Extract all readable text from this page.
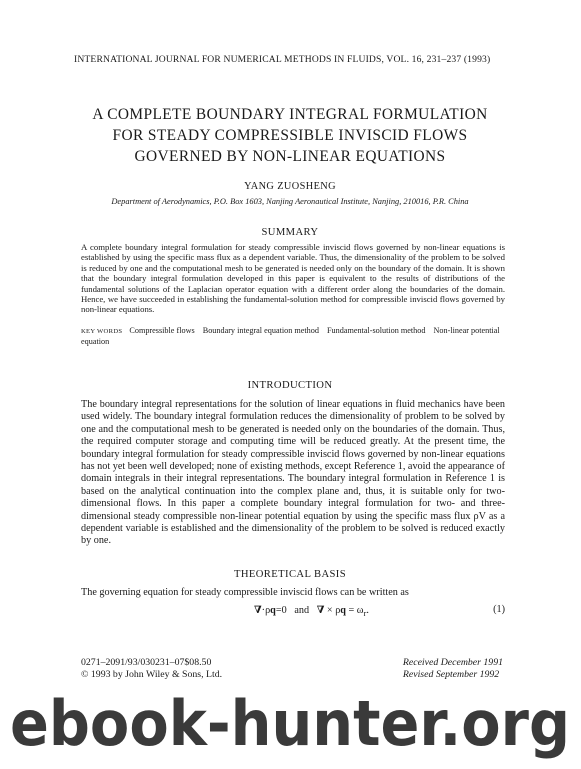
INTERNATIONAL JOURNAL FOR NUMERICAL METHODS IN FLUIDS, VOL. 16, 231–237 (1993)
A COMPLETE BOUNDARY INTEGRAL FORMULATION
FOR STEADY COMPRESSIBLE INVISCID FLOWS
GOVERNED BY NON-LINEAR EQUATIONS
YANG ZUOSHENG
Department of Aerodynamics, P.O. Box 1603, Nanjing Aeronautical Institute, Nanjing, 210016, P.R. China
SUMMARY
A complete boundary integral formulation for steady compressible inviscid flows governed by non-linear equations is established by using the specific mass flux as a dependent variable. Thus, the dimensionality of the problem to be solved is reduced by one and the computational mesh to be generated is needed only on the boundary of the domain. It is shown that the boundary integral formulation developed in this paper is equivalent to the results of distributions of the fundamental solutions of the Laplacian operator equation with a different order along the boundaries of the domain. Hence, we have succeeded in establishing the fundamental-solution method for compressible inviscid flows governed by non-linear equations.
KEY WORDS Compressible flows Boundary integral equation method Fundamental-solution method Non-linear potential equation
INTRODUCTION
The boundary integral representations for the solution of linear equations in fluid mechanics have been used widely. The boundary integral formulation reduces the dimensionality of problem to be solved by one and the computational mesh to be generated is needed only on the boundaries of the domain. Thus, the required computer storage and computing time will be reduced greatly. At the present time, the boundary integral formulation for steady compressible inviscid flows governed by non-linear equations has not yet been well developed; none of existing methods, except Reference 1, avoid the appearance of domain integrals in their integral representations. The boundary integral formulation in Reference 1 is based on the analytical continuation into the complex plane and, thus, it is suitable only for two-dimensional flows. In this paper a complete boundary integral formulation for two- and three-dimensional steady compressible non-linear potential equation by using the specific mass flux ρV as a dependent variable is established and the dimensionality of the problem to be solved is reduced exactly by one.
THEORETICAL BASIS
The governing equation for steady compressible inviscid flows can be written as
∇·ρq=0 and ∇ × $\rho q = \omega_r$.	(1)
0271–2091/93/030231–07$08.50
© 1993 by John Wiley & Sons, Ltd.
Received December 1991
Revised September 1992
ebook-hunter.org
